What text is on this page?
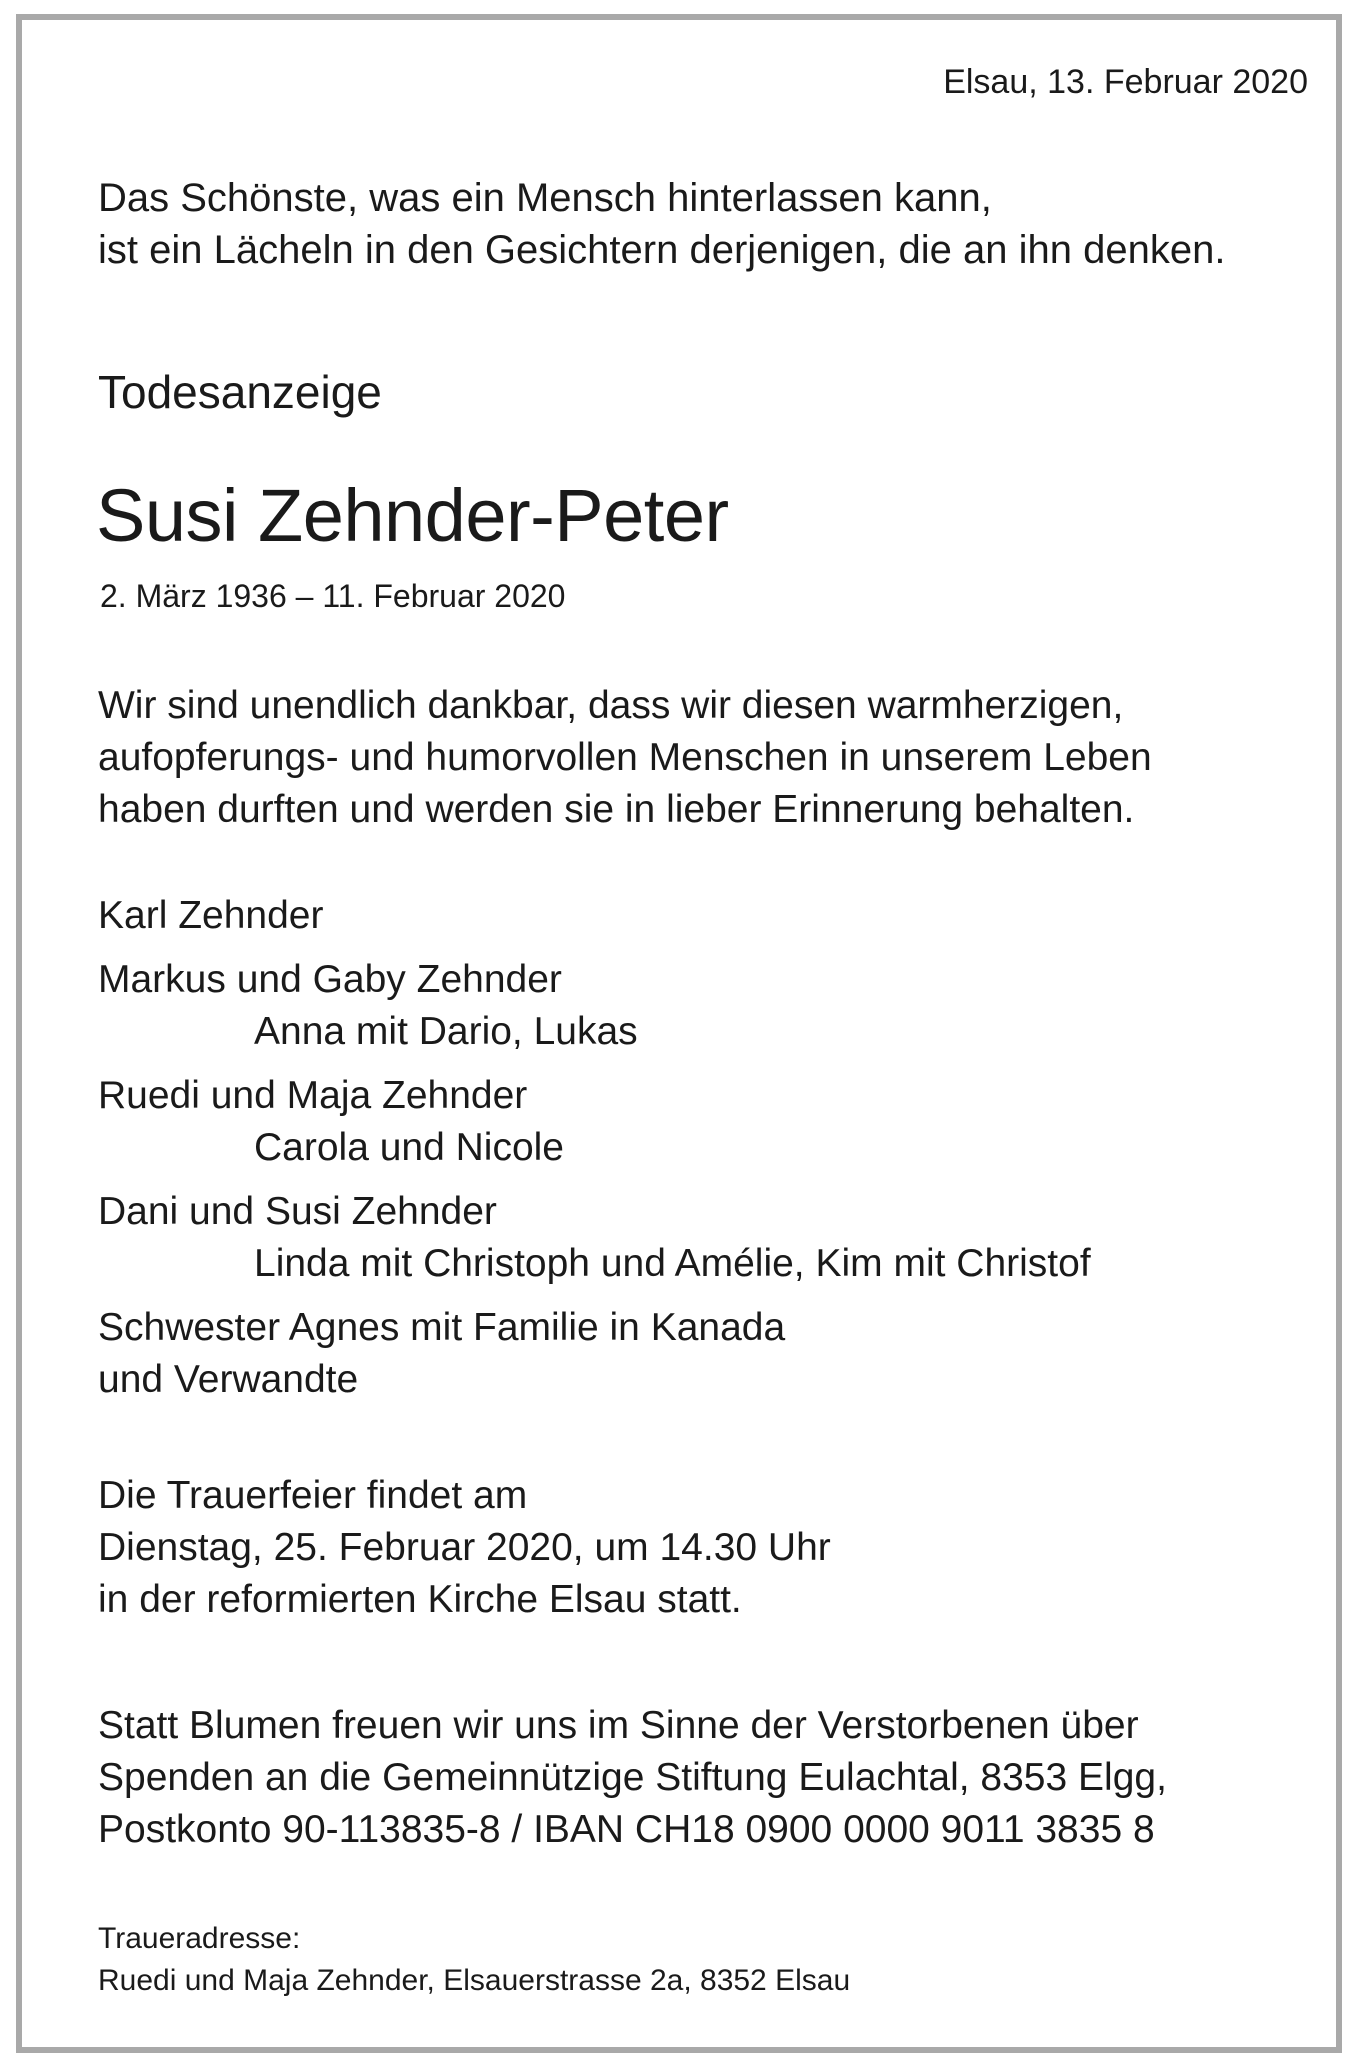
Elsau, 13. Februar 2020
Das Schönste, was ein Mensch hinterlassen kann,
ist ein Lächeln in den Gesichtern derjenigen, die an ihn denken.
Todesanzeige
Susi Zehnder-Peter
2. März 1936 – 11. Februar 2020
Wir sind unendlich dankbar, dass wir diesen warmherzigen,
aufopferungs- und humorvollen Menschen in unserem Leben
haben durften und werden sie in lieber Erinnerung behalten.
Karl Zehnder
Markus und Gaby Zehnder
Anna mit Dario, Lukas
Ruedi und Maja Zehnder
Carola und Nicole
Dani und Susi Zehnder
Linda mit Christoph und Amélie, Kim mit Christof
Schwester Agnes mit Familie in Kanada
und Verwandte
Die Trauerfeier findet am
Dienstag, 25. Februar 2020, um 14.30 Uhr
in der reformierten Kirche Elsau statt.
Statt Blumen freuen wir uns im Sinne der Verstorbenen über
Spenden an die Gemeinnützige Stiftung Eulachtal, 8353 Elgg,
Postkonto 90-113835-8 / IBAN CH18 0900 0000 9011 3835 8
Traueradresse:
Ruedi und Maja Zehnder, Elsauerstrasse 2a, 8352 Elsau
